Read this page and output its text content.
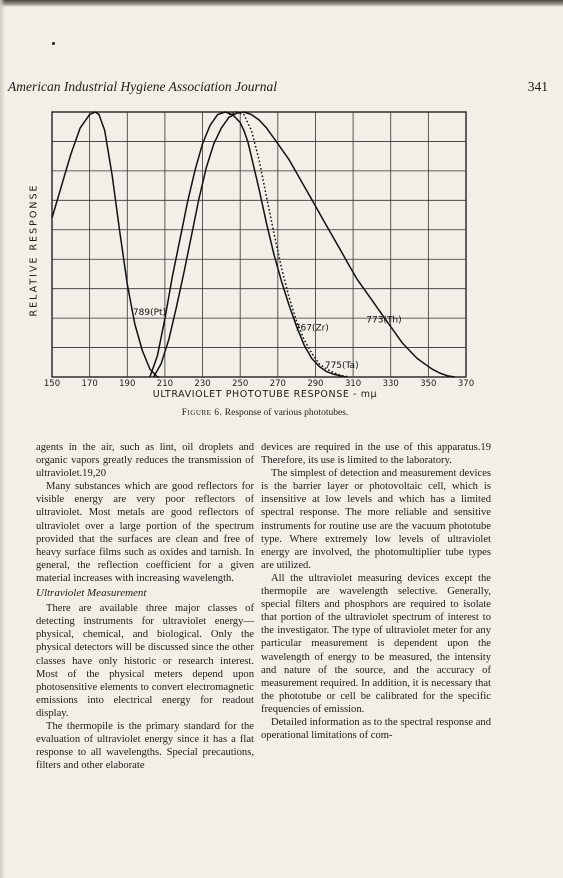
American Industrial Hygiene Association Journal	341
RELATIVE RESPONSE
150	170	190	210	230	250	270	290	310	330	350	370
789(Pt)
767(Zr)
773(Th)
775(Ta)
ULTRAVIOLET PHOTOTUBE RESPONSE - mμ
Figure 6. Response of various phototubes.

agents in the air, such as lint, oil droplets and organic vapors greatly reduces the transmission of ultraviolet.19,20

Many substances which are good reflectors for visible energy are very poor reflectors of ultraviolet. Most metals are good reflectors of ultraviolet over a large portion of the spectrum provided that the surfaces are clean and free of heavy surface films such as oxides and tarnish. In general, the reflection coefficient for a given material increases with increasing wavelength.

Ultraviolet Measurement

There are available three major classes of detecting instruments for ultraviolet energy—physical, chemical, and biological. Only the physical detectors will be discussed since the other classes have only historic or research interest. Most of the physical meters depend upon photosensitive elements to convert electromagnetic emissions into electrical energy for readout display.

The thermopile is the primary standard for the evaluation of ultraviolet energy since it has a flat response to all wavelengths. Special precautions, filters and other elaborate

devices are required in the use of this apparatus.19 Therefore, its use is limited to the laboratory.

The simplest of detection and measurement devices is the barrier layer or photovoltaic cell, which is insensitive at low levels and which has a limited spectral response. The more reliable and sensitive instruments for routine use are the vacuum phototube type. Where extremely low levels of ultraviolet energy are involved, the photomultiplier tube types are utilized.

All the ultraviolet measuring devices except the thermopile are wavelength selective. Generally, special filters and phosphors are required to isolate that portion of the ultraviolet spectrum of interest to the investigator. The type of ultraviolet meter for any particular measurement is dependent upon the wavelength of energy to be measured, the intensity and nature of the source, and the accuracy of measurement required. In addition, it is necessary that the phototube or cell be calibrated for the specific frequencies of emission.

Detailed information as to the spectral response and operational limitations of com-
